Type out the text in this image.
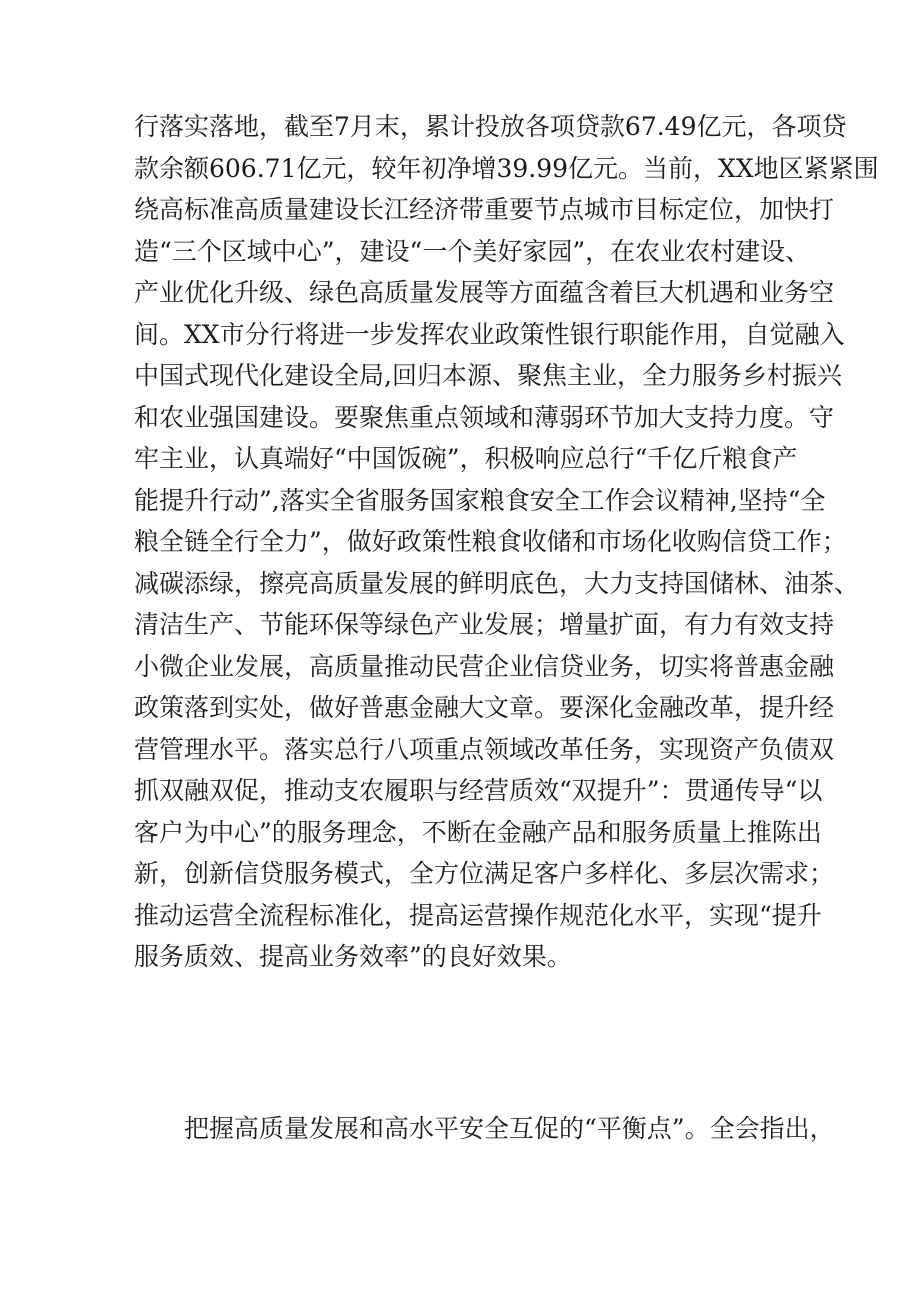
行落实落地，截至7月末，累计投放各项贷款67.49亿元，各项贷
款余额606.71亿元，较年初净增39.99亿元。当前，XX地区紧紧围
绕高标准高质量建设长江经济带重要节点城市目标定位，加快打
造“三个区域中心”，建设“一个美好家园”，在农业农村建设、
产业优化升级、绿色高质量发展等方面蕴含着巨大机遇和业务空
间。XX市分行将进一步发挥农业政策性银行职能作用，自觉融入
中国式现代化建设全局,回归本源、聚焦主业，全力服务乡村振兴
和农业强国建设。要聚焦重点领域和薄弱环节加大支持力度。守
牢主业，认真端好“中国饭碗”，积极响应总行“千亿斤粮食产
能提升行动”,落实全省服务国家粮食安全工作会议精神,坚持“全
粮全链全行全力”，做好政策性粮食收储和市场化收购信贷工作；
减碳添绿，擦亮高质量发展的鲜明底色，大力支持国储林、油茶、
清洁生产、节能环保等绿色产业发展；增量扩面，有力有效支持
小微企业发展，高质量推动民营企业信贷业务，切实将普惠金融
政策落到实处，做好普惠金融大文章。要深化金融改革，提升经
营管理水平。落实总行八项重点领域改革任务，实现资产负债双
抓双融双促，推动支农履职与经营质效“双提升”：贯通传导“以
客户为中心”的服务理念，不断在金融产品和服务质量上推陈出
新，创新信贷服务模式，全方位满足客户多样化、多层次需求；
推动运营全流程标准化，提高运营操作规范化水平，实现“提升
服务质效、提高业务效率”的良好效果。

把握高质量发展和高水平安全互促的“平衡点”。全会指出，
